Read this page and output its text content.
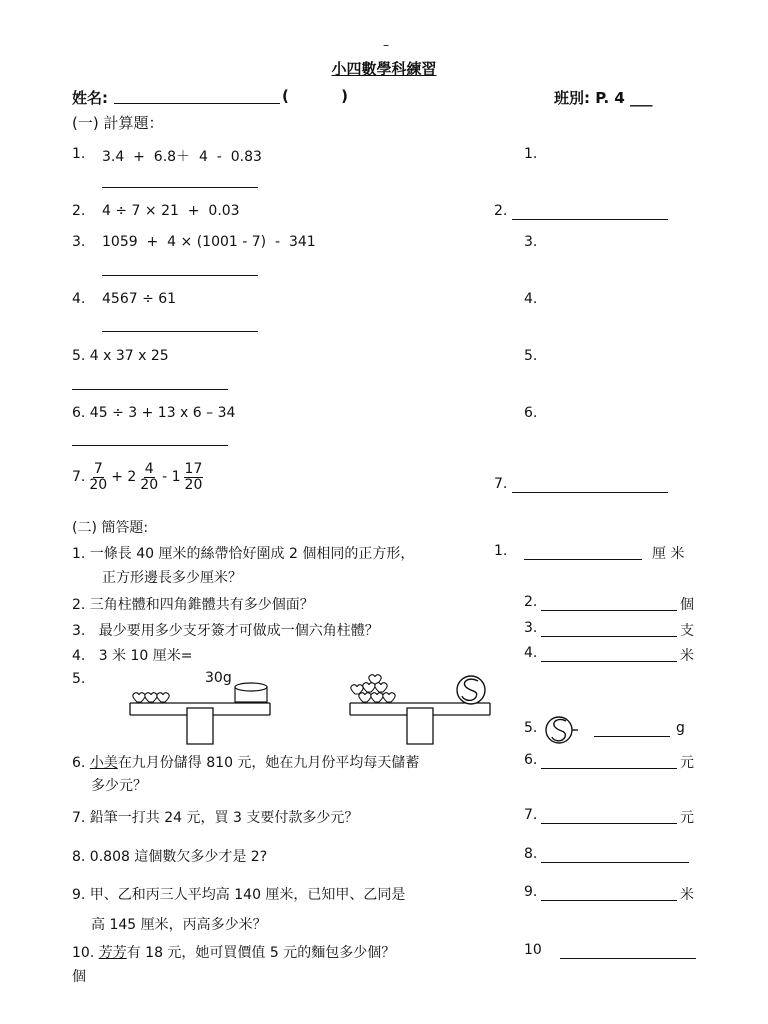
–
小四數學科練習
姓名:	(          )	班別: P. 4 ___
(一) 計算題：
1. 3.4  +  6.8＋  4  -  0.83	1.
2. 4 ÷ 7 × 21  +  0.03	2.
3. 1059  +  4 × (1001 - 7)  -  341	3.
4. 4567 ÷ 61	4.
5. 4 x 37 x 25	5.
6. 45 ÷ 3 + 13 x 6 – 34	6.
7. $\frac{7}{20} + 2 \frac{4}{20} - 1 \frac{17}{20}$	7.
(二) 簡答題:
1. 一條長 40 厘米的絲帶恰好圍成 2 個相同的正方形，
正方形邊長多少厘米？
1.	厘 米
2. 三角柱體和四角錐體共有多少個面？	2.	個
3.   最少要用多少支牙簽才可做成一個六角柱體？	3.	支
4.   3 米 10 厘米=	4.	米
5.	30g
5.	g
6. 小美在九月份儲得 810 元，她在九月份平均每天儲蓄
多少元？
6.	元
7. 鉛筆一打共 24 元，買 3 支要付款多少元？	7.	元
8. 0.808 這個數欠多少才是 2?	8.
9. 甲、乙和丙三人平均高 140 厘米，已知甲、乙同是
高 145 厘米，丙高多少米？
9.	米
10. 芳芳有 18 元，她可買價值 5 元的麵包多少個？	10
個
